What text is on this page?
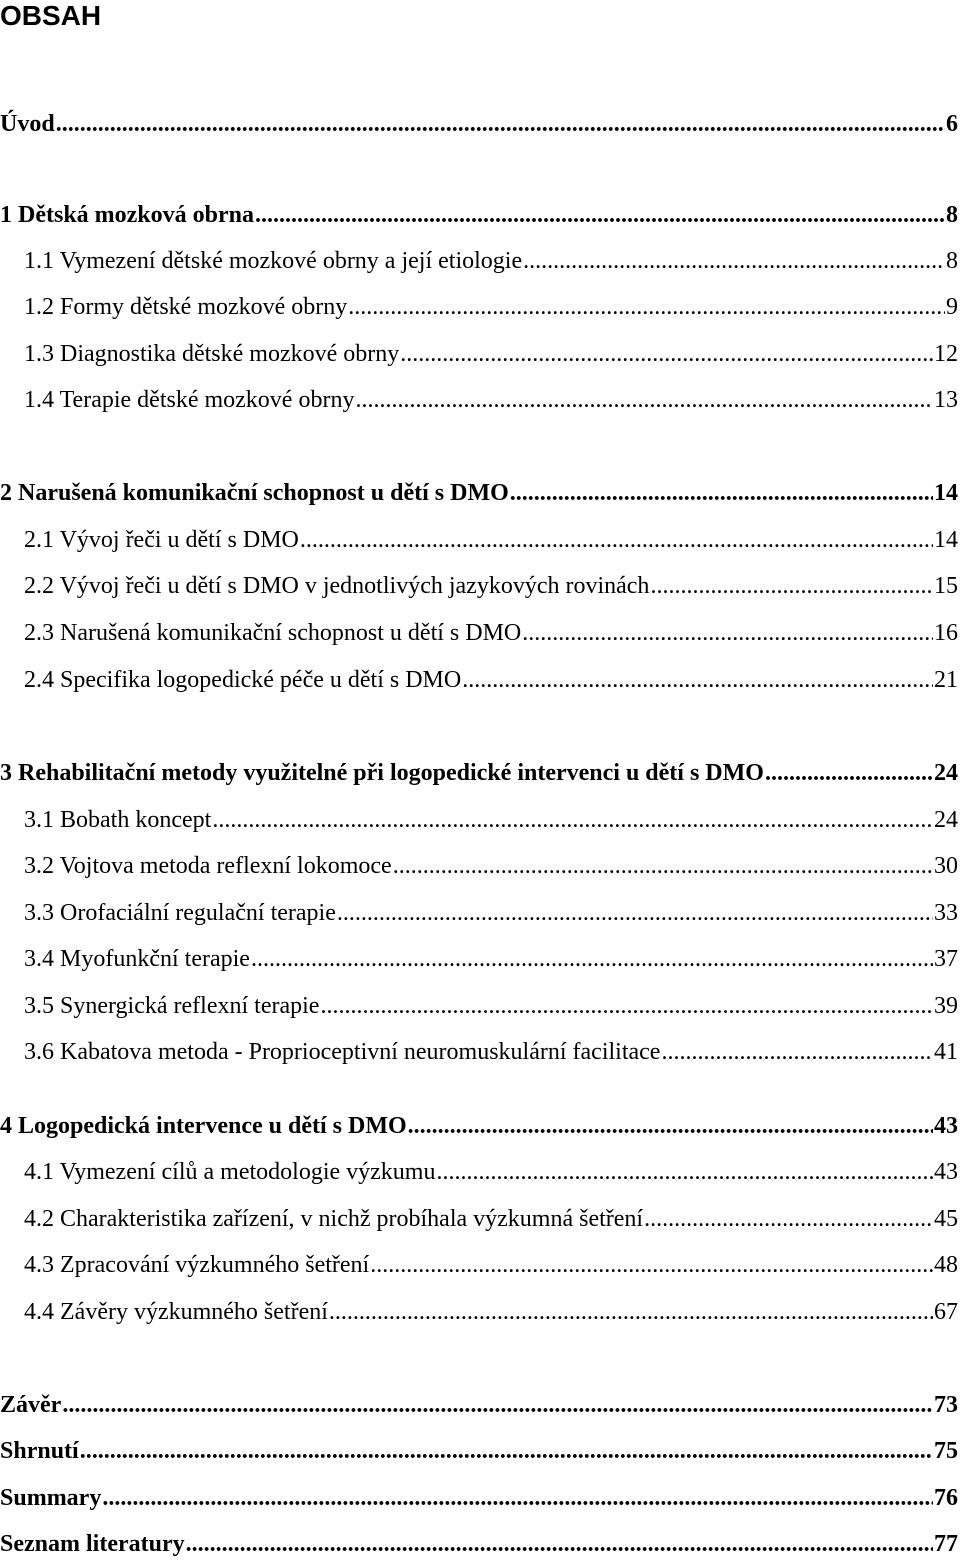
OBSAH
Úvod .....	6
1 Dětská mozková obrna .....	8
1.1 Vymezení dětské mozkové obrny a její etiologie .....	8
1.2 Formy dětské mozkové obrny .....	9
1.3 Diagnostika dětské mozkové obrny .....	12
1.4 Terapie dětské mozkové obrny .....	13
2 Narušená komunikační schopnost u dětí s DMO .....	14
2.1 Vývoj řeči u dětí s DMO .....	14
2.2 Vývoj řeči u dětí s DMO v jednotlivých jazykových rovinách .....	15
2.3 Narušená komunikační schopnost u dětí s DMO .....	16
2.4 Specifika logopedické péče u dětí s DMO .....	21
3 Rehabilitační metody využitelné při logopedické intervenci u dětí s DMO .....	24
3.1 Bobath koncept .....	24
3.2 Vojtova metoda reflexní lokomoce .....	30
3.3 Orofaciální regulační terapie .....	33
3.4 Myofunkční terapie .....	37
3.5 Synergická reflexní terapie .....	39
3.6 Kabatova metoda - Proprioceptivní neuromuskulární facilitace .....	41
4 Logopedická intervence u dětí s DMO .....	43
4.1 Vymezení cílů a metodologie výzkumu .....	43
4.2 Charakteristika zařízení, v nichž probíhala výzkumná šetření .....	45
4.3 Zpracování výzkumného šetření .....	48
4.4 Závěry výzkumného šetření .....	67
Závěr .....	73
Shrnutí .....	75
Summary .....	76
Seznam literatury .....	77
